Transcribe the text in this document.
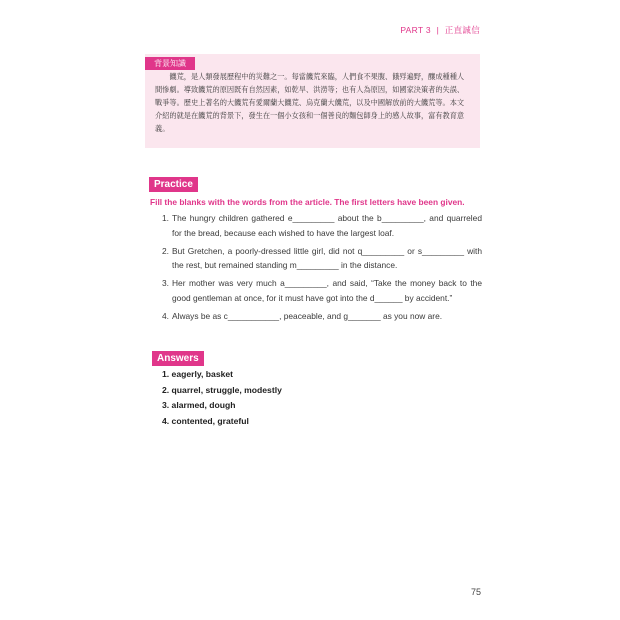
PART 3 | 正直誠信

饑荒，是人類發展歷程中的災難之一。每當饑荒來臨，人們食不果腹、餓殍遍野，釀成種種人間慘劇。導致饑荒的原因既有自然因素，如乾旱、洪澇等；也有人為原因，如國家決策者的失誤、戰爭等。歷史上著名的大饑荒有愛爾蘭大饑荒、烏克蘭大饑荒，以及中國解放前的大饑荒等。本文介紹的就是在饑荒的背景下，發生在一個小女孩和一個善良的麵包師身上的感人故事，富有教育意義。

背景知識
Practice
Fill the blanks with the words from the article. The first letters have been given.
1. The hungry children gathered e_________ about the b_________, and quarreled for the bread, because each wished to have the largest loaf.
2. But Gretchen, a poorly-dressed little girl, did not q_________ or s_________ with the rest, but remained standing m_________ in the distance.
3. Her mother was very much a_________, and said, “Take the money back to the good gentleman at once, for it must have got into the d______ by accident.”
4. Always be as c___________, peaceable, and g_______ as you now are.
Answers
1. eagerly, basket
2. quarrel, struggle, modestly
3. alarmed, dough
4. contented, grateful
75
